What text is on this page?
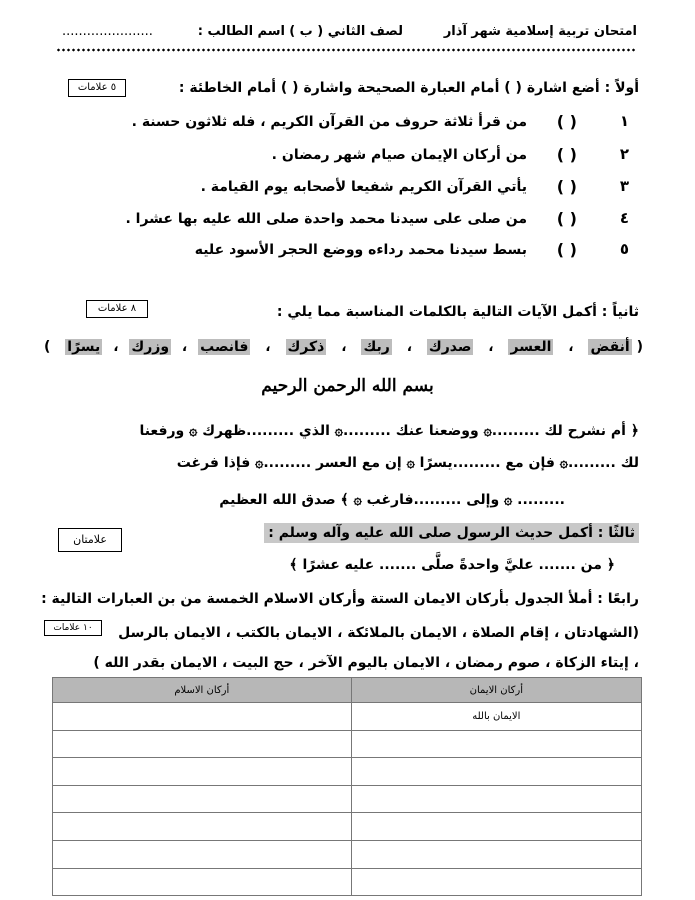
امتحان تربية إسلامية شهر آذار
لصف الثاني ( ب )
اسم الطالب :
......................
٥ علامات	أولاً : أضع اشارة ( ) أمام العبارة الصحيحة واشارة ( ) أمام الخاطئة :
١
( )
من قرأ ثلاثة حروف من القرآن الكريم ، فله ثلاثون حسنة .
٢
( )
من أركان الإيمان صيام شهر رمضان .
٣
( )
يأتي القرآن الكريم شفيعا لأصحابه يوم القيامة .
٤
( )
من صلى على سيدنا محمد واحدة صلى الله عليه بها عشرا .
٥
( )
بسط سيدنا محمد رداءه ووضع الحجر الأسود عليه
٨ علامات	ثانياً : أكمل الآيات التالية بالكلمات المناسبة مما يلي :
( أنقض ، العسر ، صدرك ، ربك ، ذكرك ، فانصب ، وزرك ، يسرًا )
بسم الله الرحمن الرحيم
﴿ أم نشرح لك .........۞ ووضعنا عنك .........۞ الذي .........ظهرك ۞ ورفعنا
لك .........۞ فإن مع .........يسرًا ۞ إن مع العسر .........۞ فإذا فرغت
......... ۞ وإلى .........فارغب ۞ ﴾ صدق الله العظيم
علامتان	ثالثًا : أكمل حديث الرسول صلى الله عليه وآله وسلم :
﴿ من ....... عليَّ واحدةً صلَّى ....... عليه عشرًا ﴾
رابعًا : أملأ الجدول بأركان الايمان الستة وأركان الاسلام الخمسة من بن العبارات التالية :
١٠ علامات	(الشهادتان ، إقام الصلاة ، الايمان بالملائكة ، الايمان بالكتب ، الايمان بالرسل
، إيتاء الزكاة ، صوم رمضان ، الايمان باليوم الآخر ، حج البيت ، الايمان بقدر الله )
أركان الايمان	أركان الاسلام
الايمان بالله	
